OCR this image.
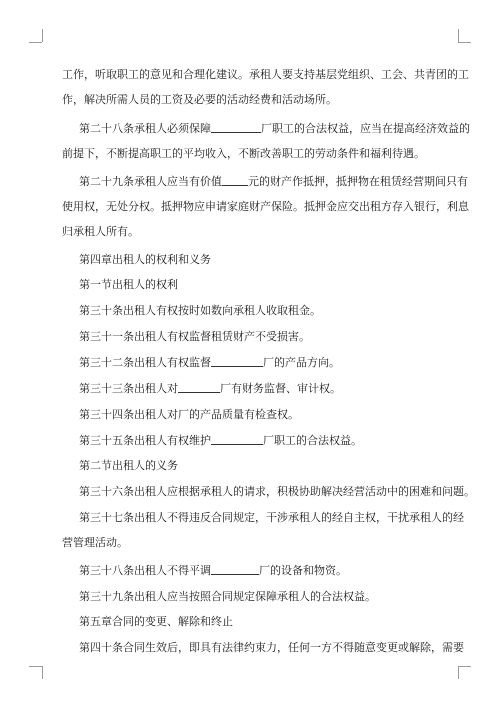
工作，听取职工的意见和合理化建议。承租人要支持基层党组织、工会、共青团的工
作，解决所需人员的工资及必要的活动经费和活动场所。

第二十八条承租人必须保障	厂职工的合法权益，应当在提高经济效益的
前提下，不断提高职工的平均收入，不断改善职工的劳动条件和福利待遇。

第二十九条承租人应当有价值 元的财产作抵押，抵押物在租赁经营期间只有
使用权，无处分权。抵押物应申请家庭财产保险。抵押金应交出租方存入银行，利息
归承租人所有。

第四章出租人的权利和义务

第一节出租人的权利

第三十条出租人有权按时如数向承租人收取租金。

第三十一条出租人有权监督租赁财产不受损害。

第三十二条出租人有权监督	厂的产品方向。

第三十三条出租人对	厂有财务监督、审计权。

第三十四条出租人对厂的产品质量有检查权。

第三十五条出租人有权维护	厂职工的合法权益。

第二节出租人的义务

第三十六条出租人应根据承租人的请求，积极协助解决经营活动中的困难和问题。

第三十七条出租人不得违反合同规定，干涉承租人的经自主权，干扰承租人的经
营管理活动。

第三十八条出租人不得平调	厂的设备和物资。

第三十九条出租人应当按照合同规定保障承租人的合法权益。

第五章合同的变更、解除和终止

第四十条合同生效后，即具有法律约束力，任何一方不得随意变更或解除，需要
